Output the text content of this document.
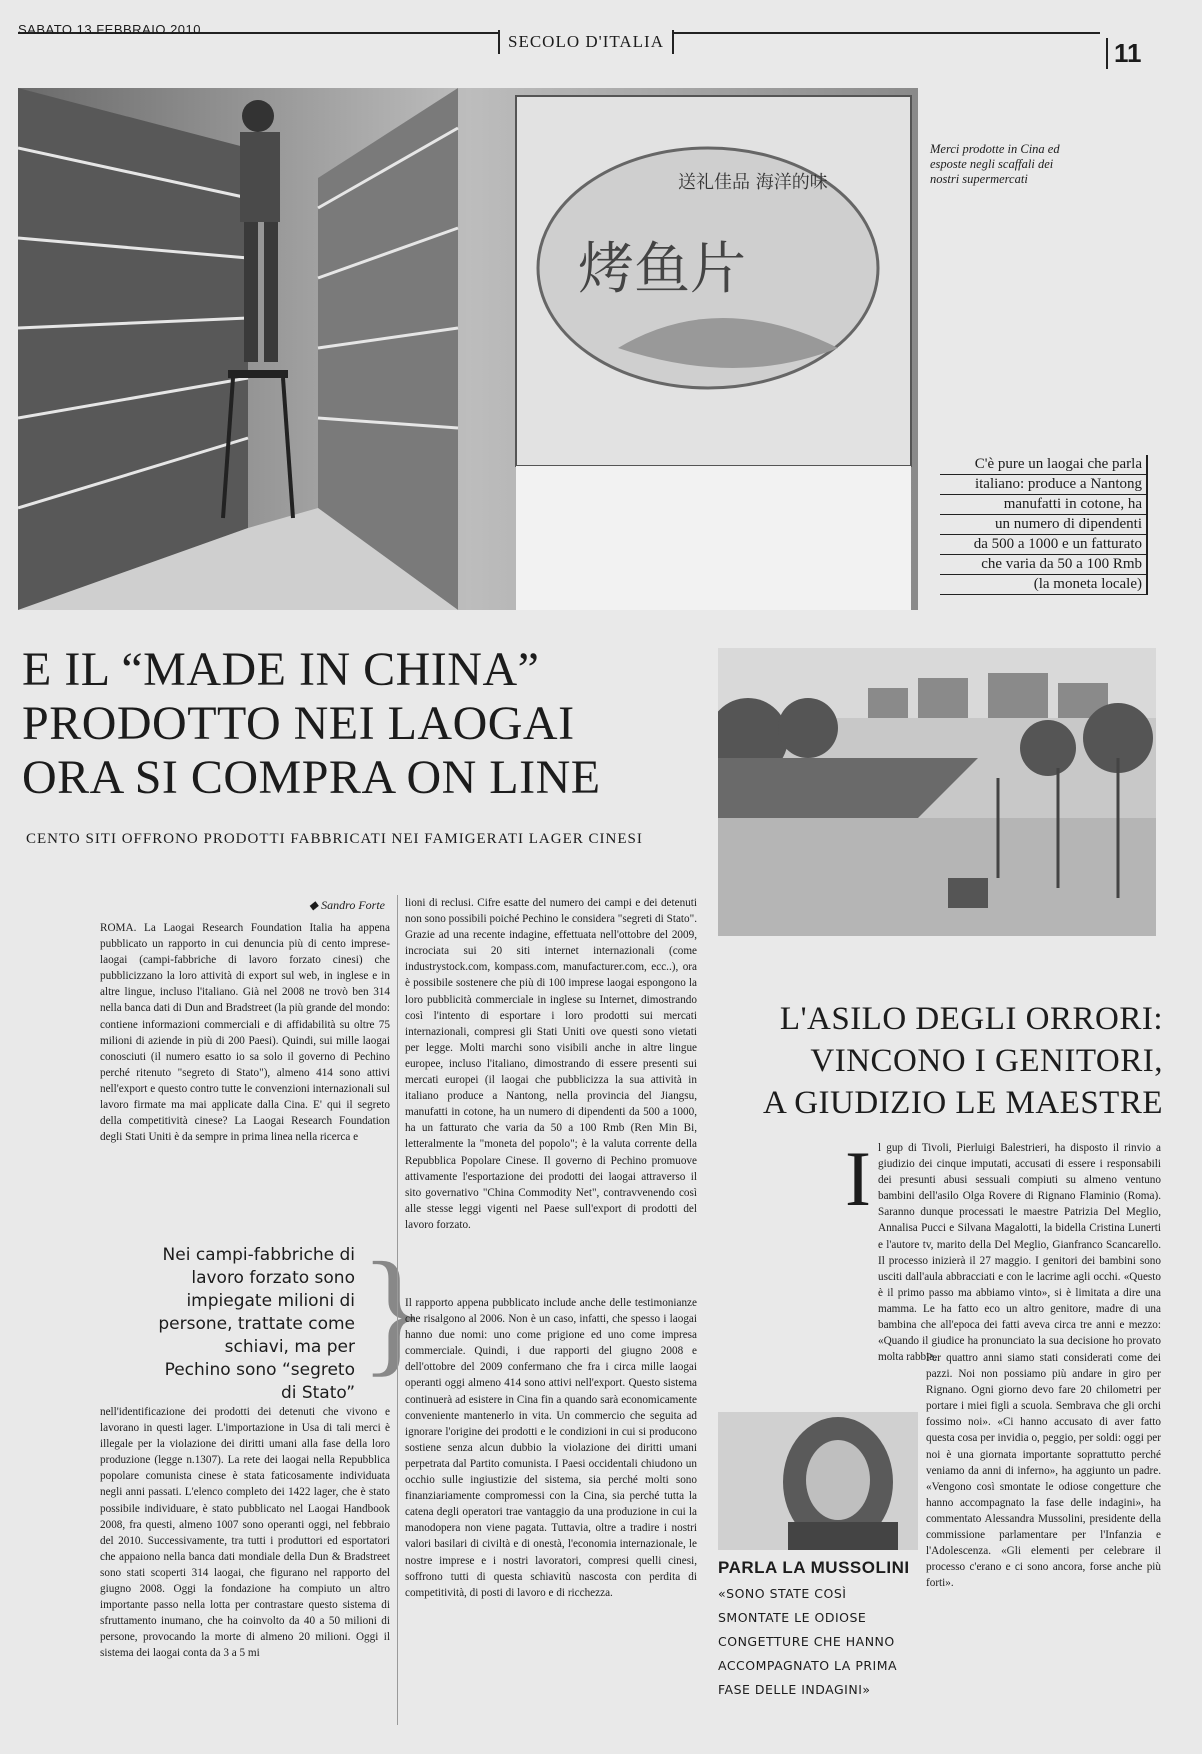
SABATO 13 FEBBRAIO 2010
SECOLO D'ITALIA	11
送礼佳品 海洋的味
烤鱼片
Merci prodotte in Cina ed esposte negli scaffali dei nostri supermercati
C'è pure un laogai che parla
italiano: produce a Nantong
manufatti in cotone, ha
un numero di dipendenti
da 500 a 1000 e un fatturato
che varia da 50 a 100 Rmb
(la moneta locale)
E IL “MADE IN CHINA”
PRODOTTO NEI LAOGAI
ORA SI COMPRA ON LINE
CENTO SITI OFFRONO PRODOTTI FABBRICATI NEI FAMIGERATI LAGER CINESI
◆ Sandro Forte
ROMA. La Laogai Research Foundation Italia ha appena pubblicato un rapporto in cui denuncia più di cento imprese-laogai (campi-fabbriche di lavoro forzato cinesi) che pubblicizzano la loro attività di export sul web, in inglese e in altre lingue, incluso l'italiano. Già nel 2008 ne trovò ben 314 nella banca dati di Dun and Bradstreet (la più grande del mondo: contiene informazioni commerciali e di affidabilità su oltre 75 milioni di aziende in più di 200 Paesi). Quindi, sui mille laogai conosciuti (il numero esatto io sa solo il governo di Pechino perché ritenuto "segreto di Stato"), almeno 414 sono attivi nell'export e questo contro tutte le convenzioni internazionali sul lavoro firmate ma mai applicate dalla Cina. E' qui il segreto della competitività cinese? La Laogai Research Foundation degli Stati Uniti è da sempre in prima linea nella ricerca e
Nei campi-fabbriche di lavoro forzato sono impiegate milioni di persone, trattate come schiavi, ma per Pechino sono “segreto di Stato”
}
nell'identificazione dei prodotti dei detenuti che vivono e lavorano in questi lager. L'importazione in Usa di tali merci è illegale per la violazione dei diritti umani alla fase della loro produzione (legge n.1307). La rete dei laogai nella Repubblica popolare comunista cinese è stata faticosamente individuata negli anni passati. L'elenco completo dei 1422 lager, che è stato possibile individuare, è stato pubblicato nel Laogai Handbook 2008, fra questi, almeno 1007 sono operanti oggi, nel febbraio del 2010. Successivamente, tra tutti i produttori ed esportatori che appaiono nella banca dati mondiale della Dun & Bradstreet sono stati scoperti 314 laogai, che figurano nel rapporto del giugno 2008. Oggi la fondazione ha compiuto un altro importante passo nella lotta per contrastare questo sistema di sfruttamento inumano, che ha coinvolto da 40 a 50 milioni di persone, provocando la morte di almeno 20 milioni. Oggi il sistema dei laogai conta da 3 a 5 mi
lioni di reclusi. Cifre esatte del numero dei campi e dei detenuti non sono possibili poiché Pechino le considera "segreti di Stato". Grazie ad una recente indagine, effettuata nell'ottobre del 2009, incrociata sui 20 siti internet internazionali (come industrystock.com, kompass.com, manufacturer.com, ecc..), ora è possibile sostenere che più di 100 imprese laogai espongono la loro pubblicità commerciale in inglese su Internet, dimostrando così l'intento di esportare i loro prodotti sui mercati internazionali, compresi gli Stati Uniti ove questi sono vietati per legge. Molti marchi sono visibili anche in altre lingue europee, incluso l'italiano, dimostrando di essere presenti sui mercati europei (il laogai che pubblicizza la sua attività in italiano produce a Nantong, nella provincia del Jiangsu, manufatti in cotone, ha un numero di dipendenti da 500 a 1000, ha un fatturato che varia da 50 a 100 Rmb (Ren Min Bi, letteralmente la "moneta del popolo"; è la valuta corrente della Repubblica Popolare Cinese. Il governo di Pechino promuove attivamente l'esportazione dei prodotti dei laogai attraverso il sito governativo "China Commodity Net", contravvenendo così alle stesse leggi vigenti nel Paese sull'export di prodotti del lavoro forzato.
Il rapporto appena pubblicato include anche delle testimonianze che risalgono al 2006. Non è un caso, infatti, che spesso i laogai hanno due nomi: uno come prigione ed uno come impresa commerciale. Quindi, i due rapporti del giugno 2008 e dell'ottobre del 2009 confermano che fra i circa mille laogai operanti oggi almeno 414 sono attivi nell'export. Questo sistema continuerà ad esistere in Cina fin a quando sarà economicamente conveniente mantenerlo in vita. Un commercio che seguita ad ignorare l'origine dei prodotti e le condizioni in cui si producono sostiene senza alcun dubbio la violazione dei diritti umani perpetrata dal Partito comunista. I Paesi occidentali chiudono un occhio sulle ingiustizie del sistema, sia perché molti sono finanziariamente compromessi con la Cina, sia perché tutta la catena degli operatori trae vantaggio da una produzione in cui la manodopera non viene pagata. Tuttavia, oltre a tradire i nostri valori basilari di civiltà e di onestà, l'economia internazionale, le nostre imprese e i nostri lavoratori, compresi quelli cinesi, soffrono tutti di questa schiavitù nascosta con perdita di competitività, di posti di lavoro e di ricchezza.
L'ASILO DEGLI ORRORI:
VINCONO I GENITORI,
A GIUDIZIO LE MAESTRE
I l gup di Tivoli, Pierluigi Balestrieri, ha disposto il rinvio a giudizio dei cinque imputati, accusati di essere i responsabili dei presunti abusi sessuali compiuti su almeno ventuno bambini dell'asilo Olga Rovere di Rignano Flaminio (Roma). Saranno dunque processati le maestre Patrizia Del Meglio, Annalisa Pucci e Silvana Magalotti, la bidella Cristina Lunerti e l'autore tv, marito della Del Meglio, Gianfranco Scancarello. Il processo inizierà il 27 maggio. I genitori dei bambini sono usciti dall'aula abbracciati e con le lacrime agli occhi. «Questo è il primo passo ma abbiamo vinto», si è limitata a dire una mamma. Le ha fatto eco un altro genitore, madre di una bambina che all'epoca dei fatti aveva circa tre anni e mezzo: «Quando il giudice ha pronunciato la sua decisione ho provato molta rabbia.
Per quattro anni siamo stati considerati come dei pazzi. Noi non possiamo più andare in giro per Rignano. Ogni giorno devo fare 20 chilometri per portare i miei figli a scuola. Sembrava che gli orchi fossimo noi». «Ci hanno accusato di aver fatto questa cosa per invidia o, peggio, per soldi: oggi per noi è una giornata importante soprattutto perché veniamo da anni di inferno», ha aggiunto un padre. «Vengono così smontate le odiose congetture che hanno accompagnato la fase delle indagini», ha commentato Alessandra Mussolini, presidente della commissione parlamentare per l'Infanzia e l'Adolescenza. «Gli elementi per celebrare il processo c'erano e ci sono ancora, forse anche più forti».
PARLA LA MUSSOLINI
«SONO STATE COSÌ
SMONTATE LE ODIOSE
CONGETTURE CHE HANNO
ACCOMPAGNATO LA PRIMA
FASE DELLE INDAGINI»
